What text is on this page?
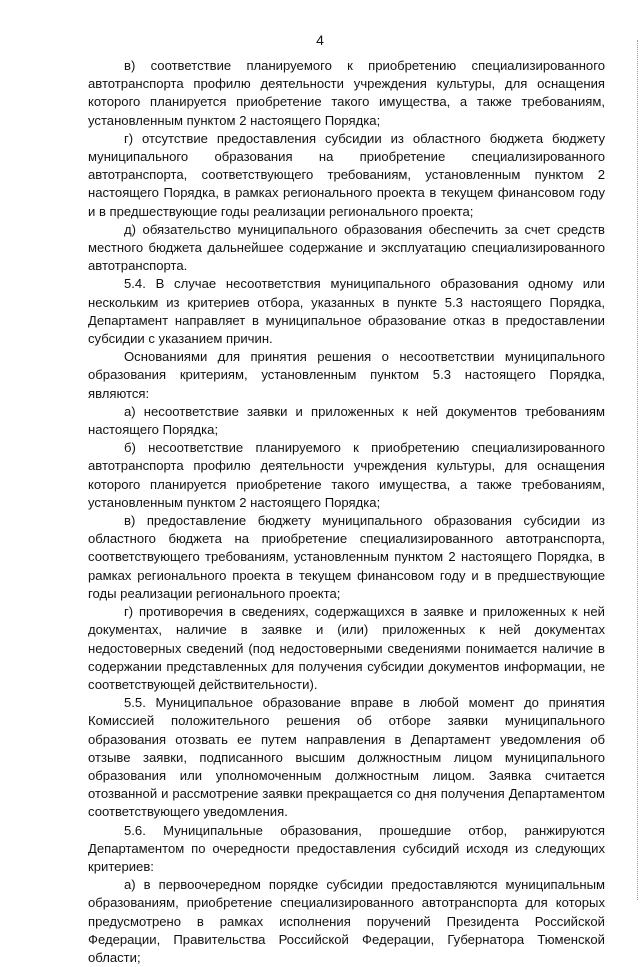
4

в) соответствие планируемого к приобретению специализированного автотранспорта профилю деятельности учреждения культуры, для оснащения которого планируется приобретение такого имущества, а также требованиям, установленным пунктом 2 настоящего Порядка;

г) отсутствие предоставления субсидии из областного бюджета бюджету муниципального образования на приобретение специализированного автотранспорта, соответствующего требованиям, установленным пунктом 2 настоящего Порядка, в рамках регионального проекта в текущем финансовом году и в предшествующие годы реализации регионального проекта;

д) обязательство муниципального образования обеспечить за счет средств местного бюджета дальнейшее содержание и эксплуатацию специализированного автотранспорта.

5.4. В случае несоответствия муниципального образования одному или нескольким из критериев отбора, указанных в пункте 5.3 настоящего Порядка, Департамент направляет в муниципальное образование отказ в предоставлении субсидии с указанием причин.

Основаниями для принятия решения о несоответствии муниципального образования критериям, установленным пунктом 5.3 настоящего Порядка, являются:

а) несоответствие заявки и приложенных к ней документов требованиям настоящего Порядка;

б) несоответствие планируемого к приобретению специализированного автотранспорта профилю деятельности учреждения культуры, для оснащения которого планируется приобретение такого имущества, а также требованиям, установленным пунктом 2 настоящего Порядка;

в) предоставление бюджету муниципального образования субсидии из областного бюджета на приобретение специализированного автотранспорта, соответствующего требованиям, установленным пунктом 2 настоящего Порядка, в рамках регионального проекта в текущем финансовом году и в предшествующие годы реализации регионального проекта;

г) противоречия в сведениях, содержащихся в заявке и приложенных к ней документах, наличие в заявке и (или) приложенных к ней документах недостоверных сведений (под недостоверными сведениями понимается наличие в содержании представленных для получения субсидии документов информации, не соответствующей действительности).

5.5. Муниципальное образование вправе в любой момент до принятия Комиссией положительного решения об отборе заявки муниципального образования отозвать ее путем направления в Департамент уведомления об отзыве заявки, подписанного высшим должностным лицом муниципального образования или уполномоченным должностным лицом. Заявка считается отозванной и рассмотрение заявки прекращается со дня получения Департаментом соответствующего уведомления.

5.6. Муниципальные образования, прошедшие отбор, ранжируются Департаментом по очередности предоставления субсидий исходя из следующих критериев:

а) в первоочередном порядке субсидии предоставляются муниципальным образованиям, приобретение специализированного автотранспорта для которых предусмотрено в рамках исполнения поручений Президента Российской Федерации, Правительства Российской Федерации, Губернатора Тюменской области;
